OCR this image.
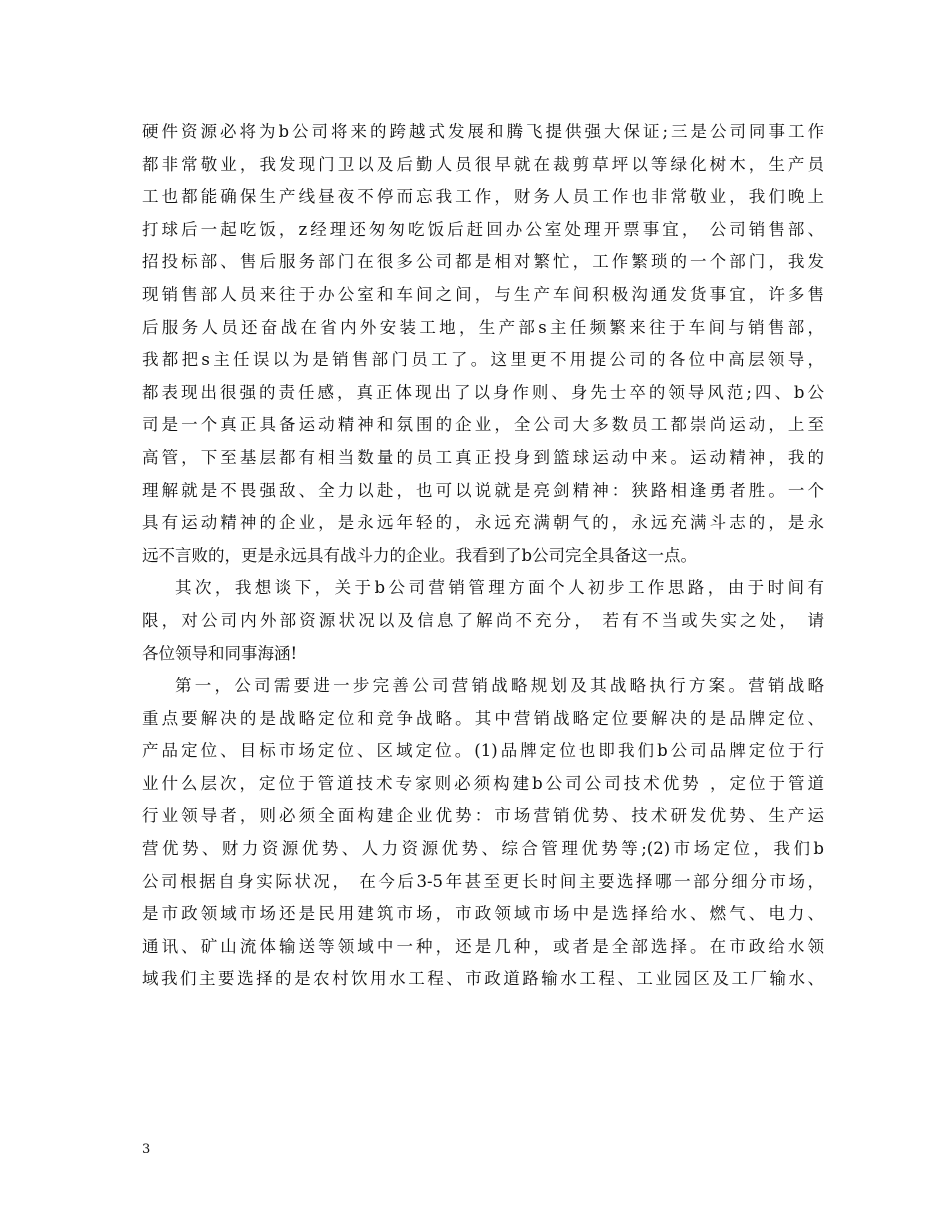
硬件资源必将为b公司将来的跨越式发展和腾飞提供强大保证;三是公司同事工作
都非常敬业，我发现门卫以及后勤人员很早就在裁剪草坪以等绿化树木，生产员
工也都能确保生产线昼夜不停而忘我工作，财务人员工作也非常敬业，我们晚上
打球后一起吃饭，z经理还匆匆吃饭后赶回办公室处理开票事宜， 公司销售部、
招投标部、售后服务部门在很多公司都是相对繁忙，工作繁琐的一个部门，我发
现销售部人员来往于办公室和车间之间，与生产车间积极沟通发货事宜，许多售
后服务人员还奋战在省内外安装工地，生产部s主任频繁来往于车间与销售部，
我都把s主任误以为是销售部门员工了。这里更不用提公司的各位中高层领导，
都表现出很强的责任感，真正体现出了以身作则、身先士卒的领导风范;四、b公
司是一个真正具备运动精神和氛围的企业，全公司大多数员工都崇尚运动，上至
高管，下至基层都有相当数量的员工真正投身到篮球运动中来。运动精神，我的
理解就是不畏强敌、全力以赴，也可以说就是亮剑精神：狭路相逢勇者胜。一个
具有运动精神的企业，是永远年轻的，永远充满朝气的，永远充满斗志的，是永
远不言败的，更是永远具有战斗力的企业。我看到了b公司完全具备这一点。
其次，我想谈下，关于b公司营销管理方面个人初步工作思路，由于时间有
限，对公司内外部资源状况以及信息了解尚不充分， 若有不当或失实之处， 请
各位领导和同事海涵!
第一，公司需要进一步完善公司营销战略规划及其战略执行方案。营销战略
重点要解决的是战略定位和竞争战略。其中营销战略定位要解决的是品牌定位、
产品定位、目标市场定位、区域定位。(1)品牌定位也即我们b公司品牌定位于行
业什么层次，定位于管道技术专家则必须构建b公司公司技术优势 ，定位于管道
行业领导者，则必须全面构建企业优势：市场营销优势、技术研发优势、生产运
营优势、财力资源优势、人力资源优势、综合管理优势等;(2)市场定位，我们b
公司根据自身实际状况， 在今后3-5年甚至更长时间主要选择哪一部分细分市场，
是市政领域市场还是民用建筑市场，市政领域市场中是选择给水、燃气、电力、
通讯、矿山流体输送等领域中一种，还是几种，或者是全部选择。在市政给水领
域我们主要选择的是农村饮用水工程、市政道路输水工程、工业园区及工厂输水、
3
